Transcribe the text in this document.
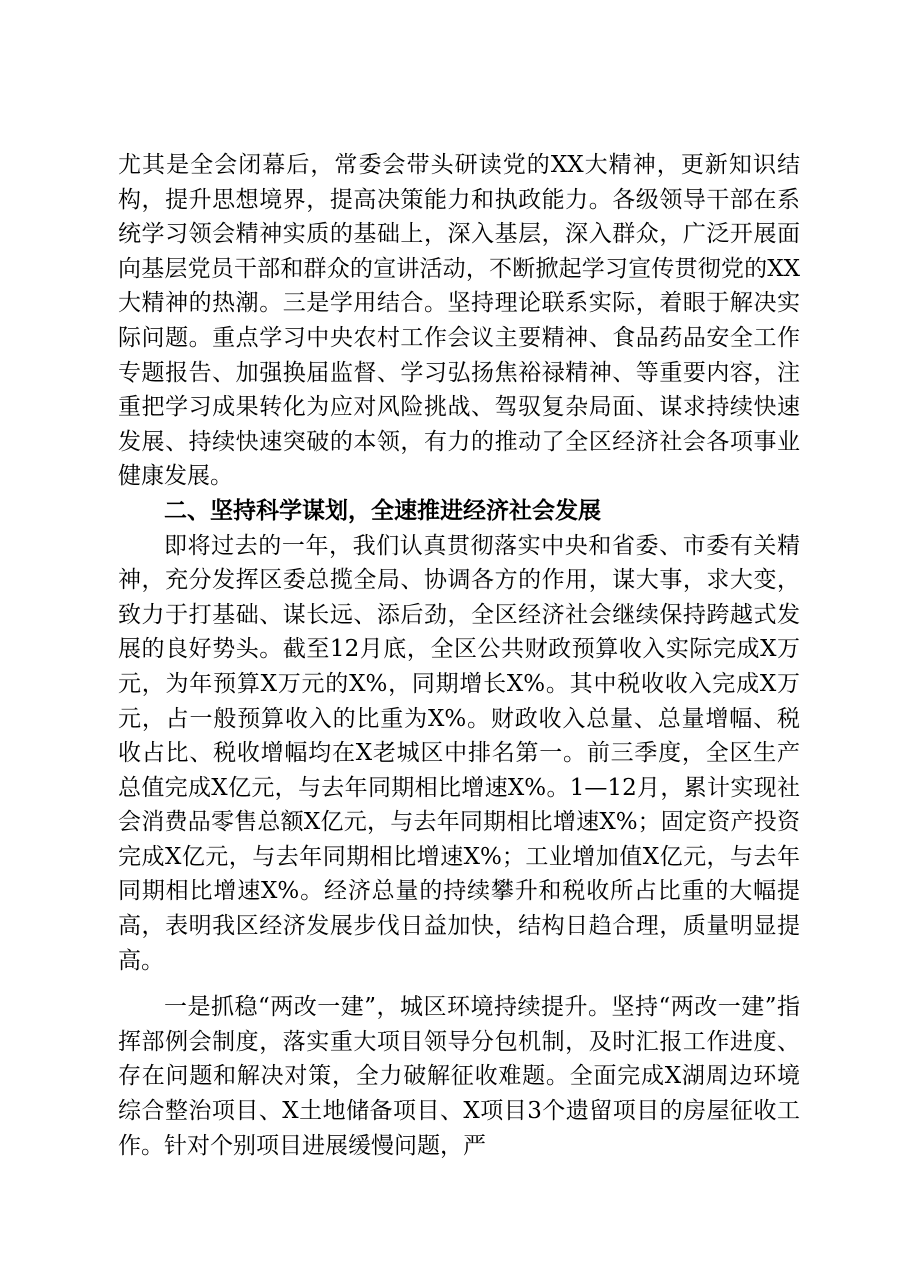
尤其是全会闭幕后，常委会带头研读党的XX大精神，更新知识结构，提升思想境界，提高决策能力和执政能力。各级领导干部在系统学习领会精神实质的基础上，深入基层，深入群众，广泛开展面向基层党员干部和群众的宣讲活动，不断掀起学习宣传贯彻党的XX大精神的热潮。三是学用结合。坚持理论联系实际，着眼于解决实际问题。重点学习中央农村工作会议主要精神、食品药品安全工作专题报告、加强换届监督、学习弘扬焦裕禄精神、等重要内容，注重把学习成果转化为应对风险挑战、驾驭复杂局面、谋求持续快速发展、持续快速突破的本领，有力的推动了全区经济社会各项事业健康发展。

二、坚持科学谋划，全速推进经济社会发展

即将过去的一年，我们认真贯彻落实中央和省委、市委有关精神，充分发挥区委总揽全局、协调各方的作用，谋大事，求大变，致力于打基础、谋长远、添后劲，全区经济社会继续保持跨越式发展的良好势头。截至12月底，全区公共财政预算收入实际完成X万元，为年预算X万元的X%，同期增长X%。其中税收收入完成X万元，占一般预算收入的比重为X%。财政收入总量、总量增幅、税收占比、税收增幅均在X老城区中排名第一。前三季度，全区生产总值完成X亿元，与去年同期相比增速X%。1—12月，累计实现社会消费品零售总额X亿元，与去年同期相比增速X%；固定资产投资完成X亿元，与去年同期相比增速X%；工业增加值X亿元，与去年同期相比增速X%。经济总量的持续攀升和税收所占比重的大幅提高，表明我区经济发展步伐日益加快，结构日趋合理，质量明显提高。

一是抓稳“两改一建”，城区环境持续提升。坚持“两改一建”指挥部例会制度，落实重大项目领导分包机制，及时汇报工作进度、存在问题和解决对策，全力破解征收难题。全面完成X湖周边环境综合整治项目、X土地储备项目、X项目3个遗留项目的房屋征收工作。针对个别项目进展缓慢问题，严
